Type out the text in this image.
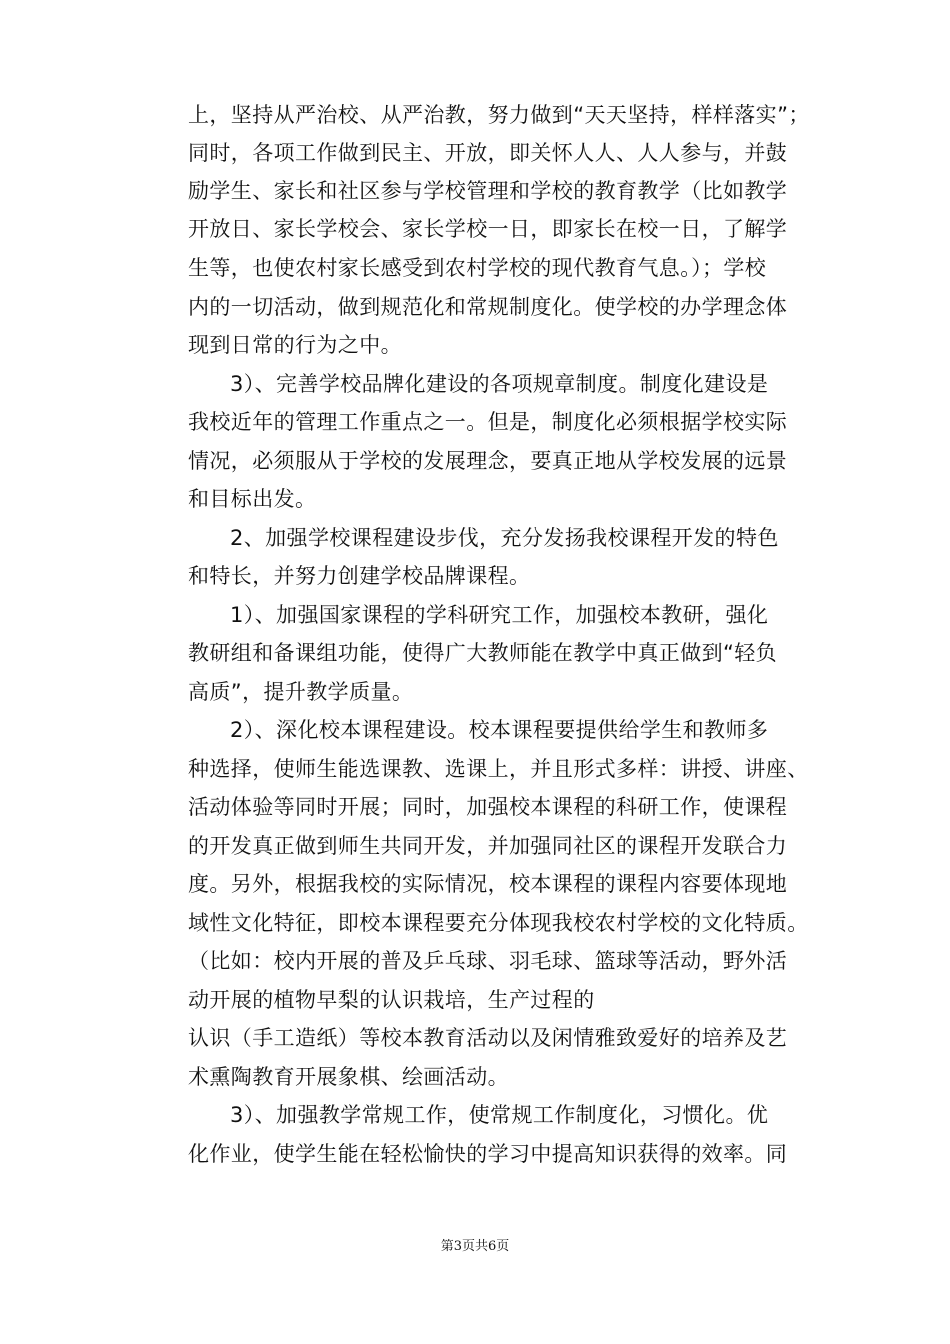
上，坚持从严治校、从严治教，努力做到“天天坚持，样样落实”；
同时，各项工作做到民主、开放，即关怀人人、人人参与，并鼓
励学生、家长和社区参与学校管理和学校的教育教学（比如教学
开放日、家长学校会、家长学校一日，即家长在校一日，了解学
生等，也使农村家长感受到农村学校的现代教育气息。）；学校
内的一切活动，做到规范化和常规制度化。使学校的办学理念体
现到日常的行为之中。
3）、完善学校品牌化建设的各项规章制度。制度化建设是
我校近年的管理工作重点之一。但是，制度化必须根据学校实际
情况，必须服从于学校的发展理念，要真正地从学校发展的远景
和目标出发。
2、加强学校课程建设步伐，充分发扬我校课程开发的特色
和特长，并努力创建学校品牌课程。
1）、加强国家课程的学科研究工作，加强校本教研，强化
教研组和备课组功能，使得广大教师能在教学中真正做到“轻负
高质”，提升教学质量。
2）、深化校本课程建设。校本课程要提供给学生和教师多
种选择，使师生能选课教、选课上，并且形式多样：讲授、讲座、
活动体验等同时开展；同时，加强校本课程的科研工作，使课程
的开发真正做到师生共同开发，并加强同社区的课程开发联合力
度。另外，根据我校的实际情况，校本课程的课程内容要体现地
域性文化特征，即校本课程要充分体现我校农村学校的文化特质。
（比如：校内开展的普及乒乓球、羽毛球、篮球等活动，野外活
动开展的植物早梨的认识栽培，生产过程的
认识（手工造纸）等校本教育活动以及闲情雅致爱好的培养及艺
术熏陶教育开展象棋、绘画活动。
3）、加强教学常规工作，使常规工作制度化，习惯化。优
化作业，使学生能在轻松愉快的学习中提高知识获得的效率。同
第3页共6页
